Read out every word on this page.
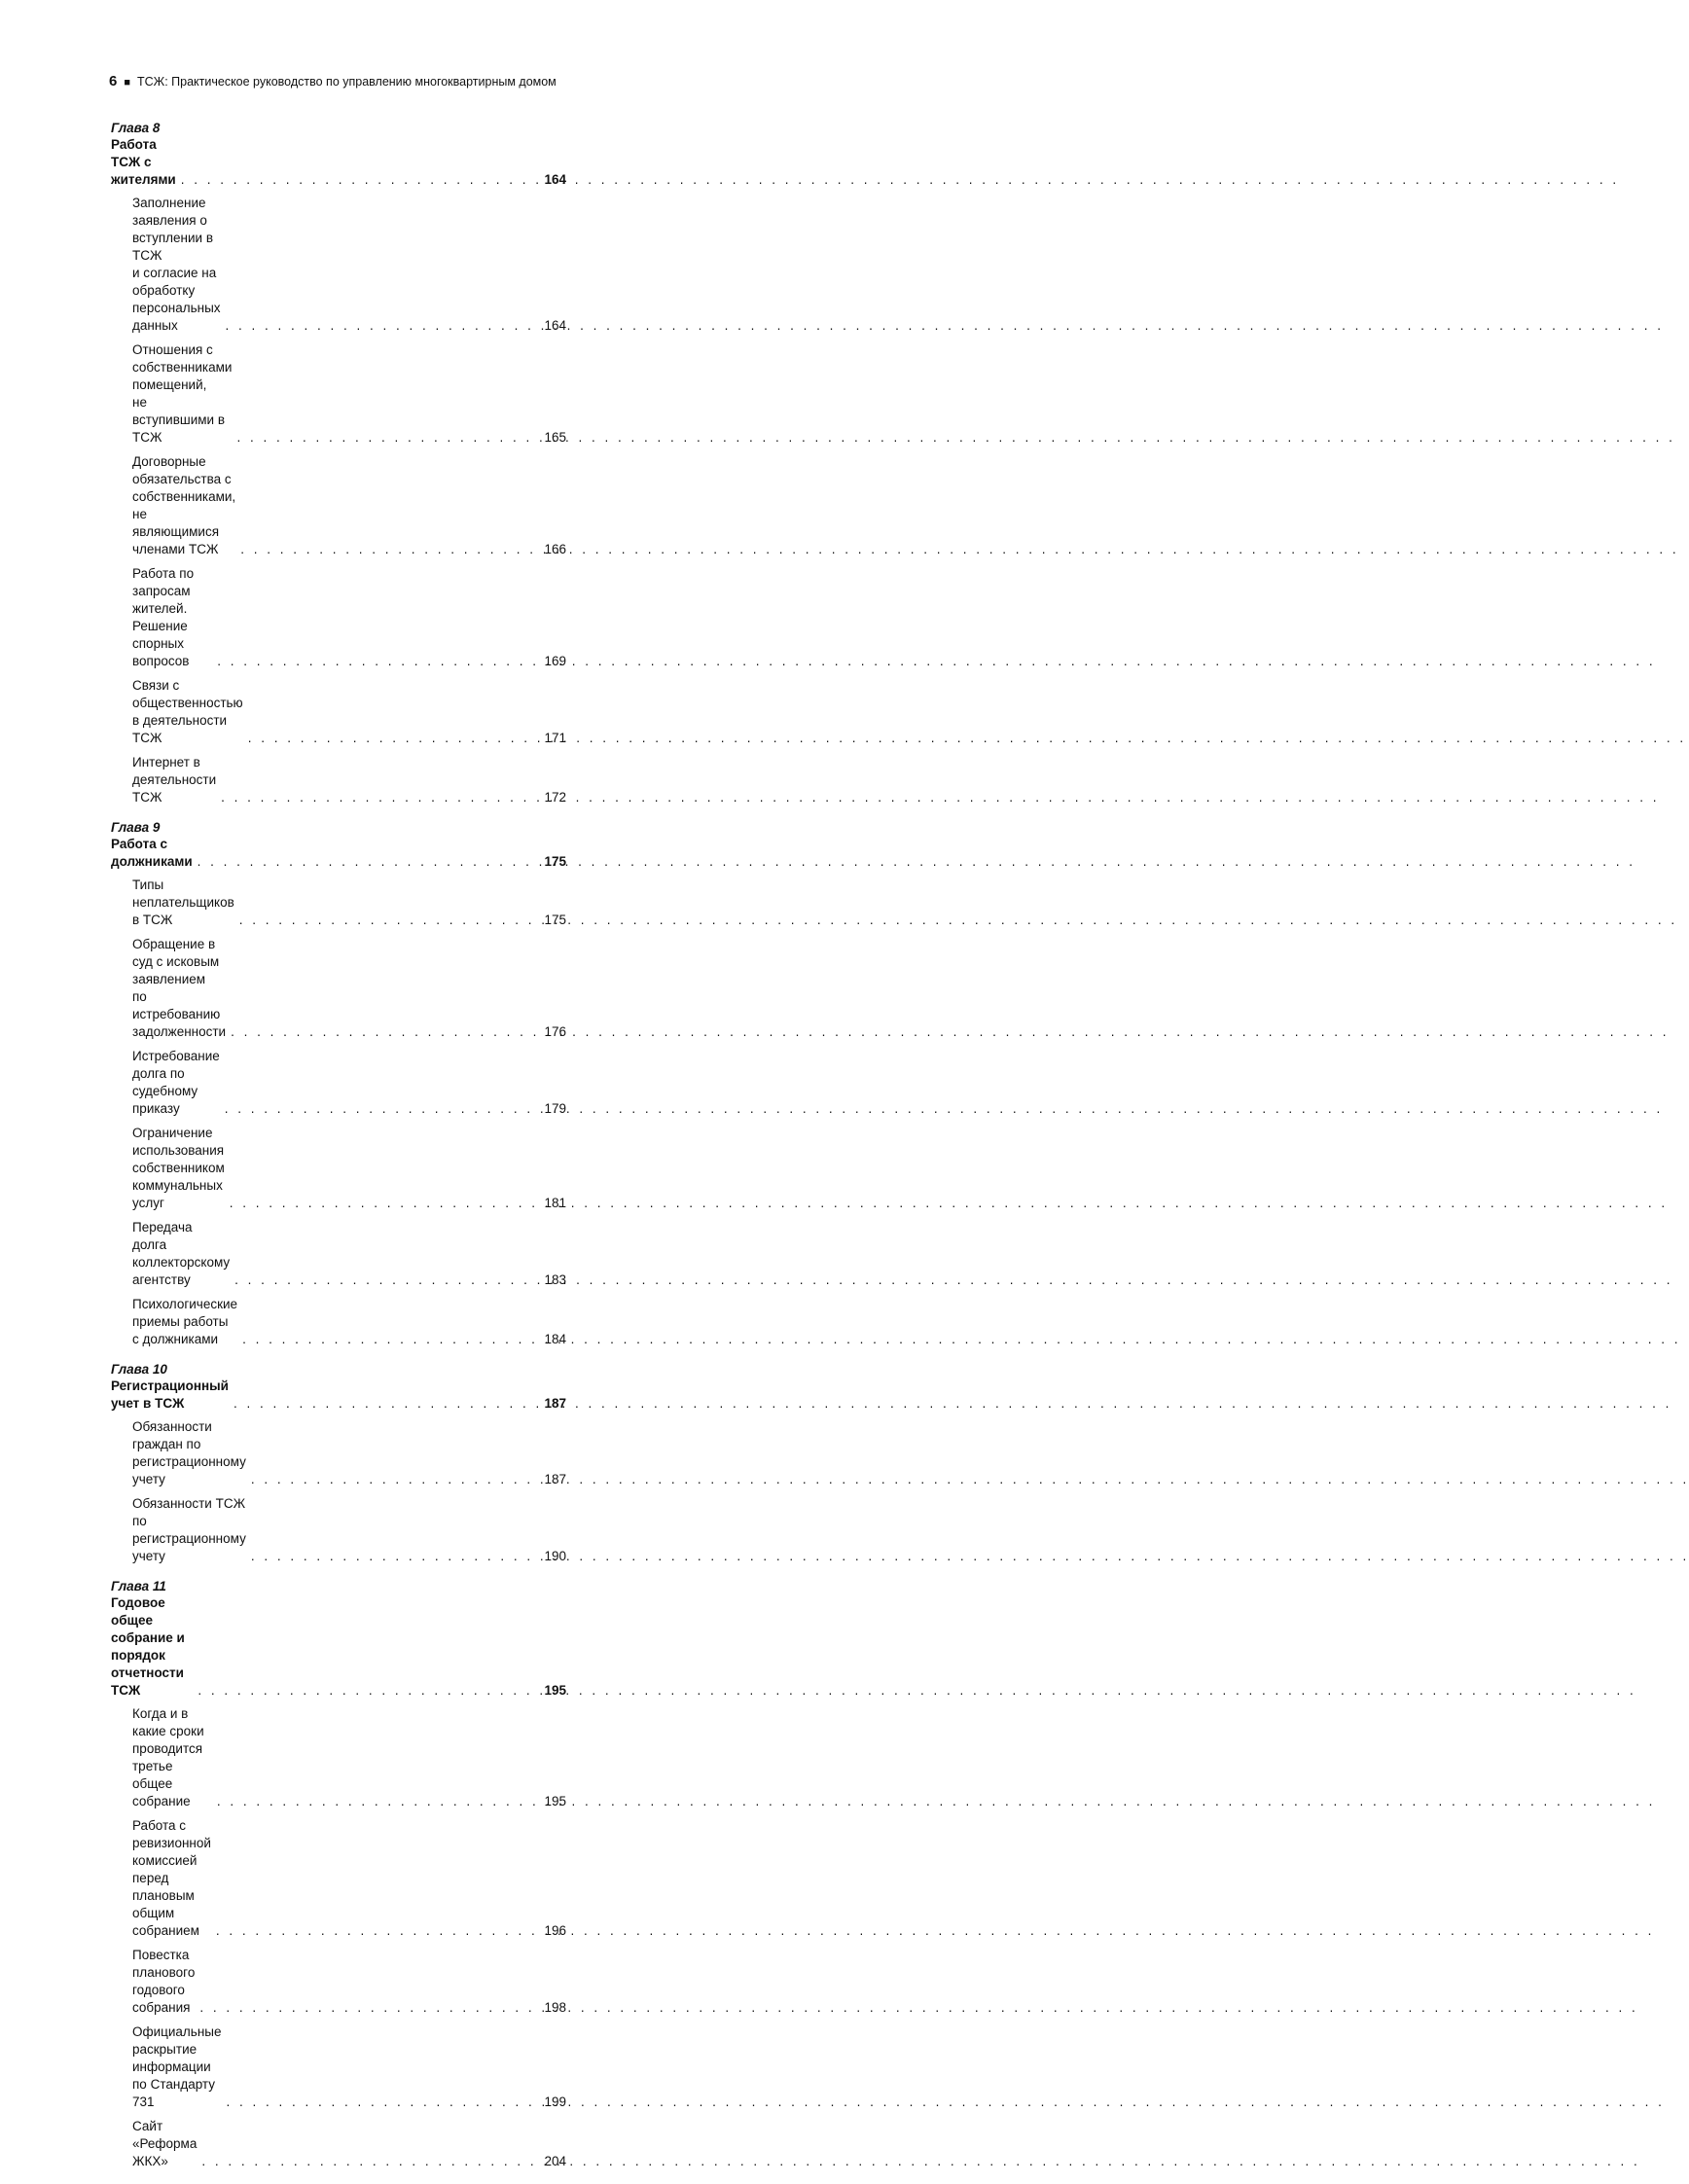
6 ■ ТСЖ: Практическое руководство по управлению многоквартирным домом
Глава 8
Работа ТСЖ с жителями . . .	164
Заполнение заявления о вступлении в ТСЖ
и согласие на обработку персональных данных . . .	164
Отношения с собственниками помещений,
не вступившими в ТСЖ . . .	165
Договорные обязательства с собственниками,
не являющимися членами ТСЖ . . .	166
Работа по запросам жителей. Решение спорных вопросов . . .	169
Связи с общественностью в деятельности ТСЖ . . .	171
Интернет в деятельности ТСЖ . . .	172
Глава 9
Работа с должниками . . .	175
Типы неплательщиков в ТСЖ . . .	175
Обращение в суд с исковым заявлением
по истребованию задолженности . . .	176
Истребование долга по судебному приказу . . .	179
Ограничение использования собственником
коммунальных услуг . . .	181
Передача долга коллекторскому агентству . . .	183
Психологические приемы работы с должниками . . .	184
Глава 10
Регистрационный учет в ТСЖ . . .	187
Обязанности граждан по регистрационному учету . . .	187
Обязанности ТСЖ по регистрационному учету . . .	190
Глава 11
Годовое общее собрание и порядок отчетности ТСЖ . . .	195
Когда и в какие сроки проводится третье общее собрание . . .	195
Работа с ревизионной комиссией
перед плановым общим собранием . . .	196
Повестка планового годового собрания . . .	198
Официальные раскрытие информации по Стандарту 731 . . .	199
Сайт «Реформа ЖКХ» . . .	204
